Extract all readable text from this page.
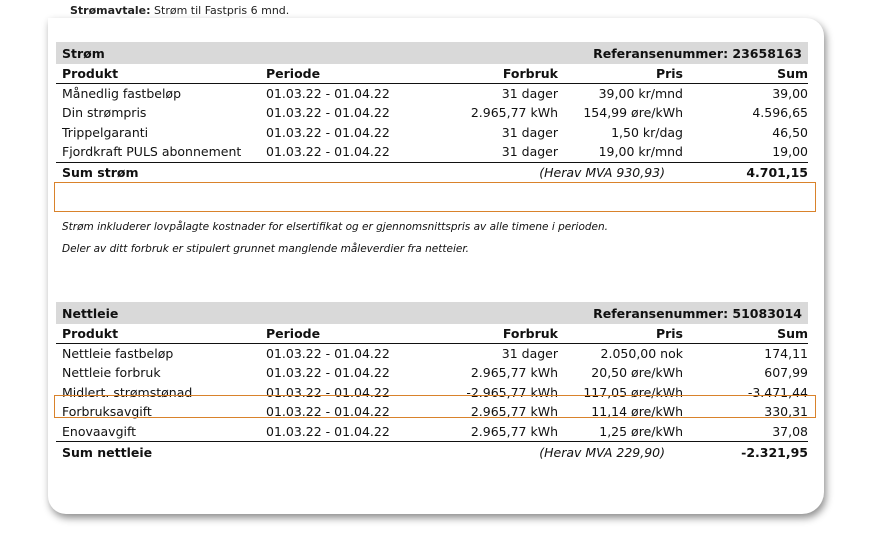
Strømavtale: Strøm til Fastpris 6 mnd.
Strøm	Referansenummer: 23658163
Produkt	Periode	Forbruk	Pris	Sum
Månedlig fastbeløp	01.03.22 - 01.04.22	31 dager	39,00 kr/mnd	39,00
Din strømpris	01.03.22 - 01.04.22	2.965,77 kWh	154,99 øre/kWh	4.596,65
Trippelgaranti	01.03.22 - 01.04.22	31 dager	1,50 kr/dag	46,50
Fjordkraft PULS abonnement	01.03.22 - 01.04.22	31 dager	19,00 kr/mnd	19,00
Sum strøm	(Herav MVA 930,93)	4.701,15
Strøm inkluderer lovpålagte kostnader for elsertifikat og er gjennomsnittspris av alle timene i perioden.
Deler av ditt forbruk er stipulert grunnet manglende måleverdier fra netteier.
Nettleie	Referansenummer: 51083014
Produkt	Periode	Forbruk	Pris	Sum
Nettleie fastbeløp	01.03.22 - 01.04.22	31 dager	2.050,00 nok	174,11
Nettleie forbruk	01.03.22 - 01.04.22	2.965,77 kWh	20,50 øre/kWh	607,99
Midlert. strømstønad	01.03.22 - 01.04.22	-2.965,77 kWh	117,05 øre/kWh	-3.471,44
Forbruksavgift	01.03.22 - 01.04.22	2.965,77 kWh	11,14 øre/kWh	330,31
Enovaavgift	01.03.22 - 01.04.22	2.965,77 kWh	1,25 øre/kWh	37,08
Sum nettleie	(Herav MVA 229,90)	-2.321,95
